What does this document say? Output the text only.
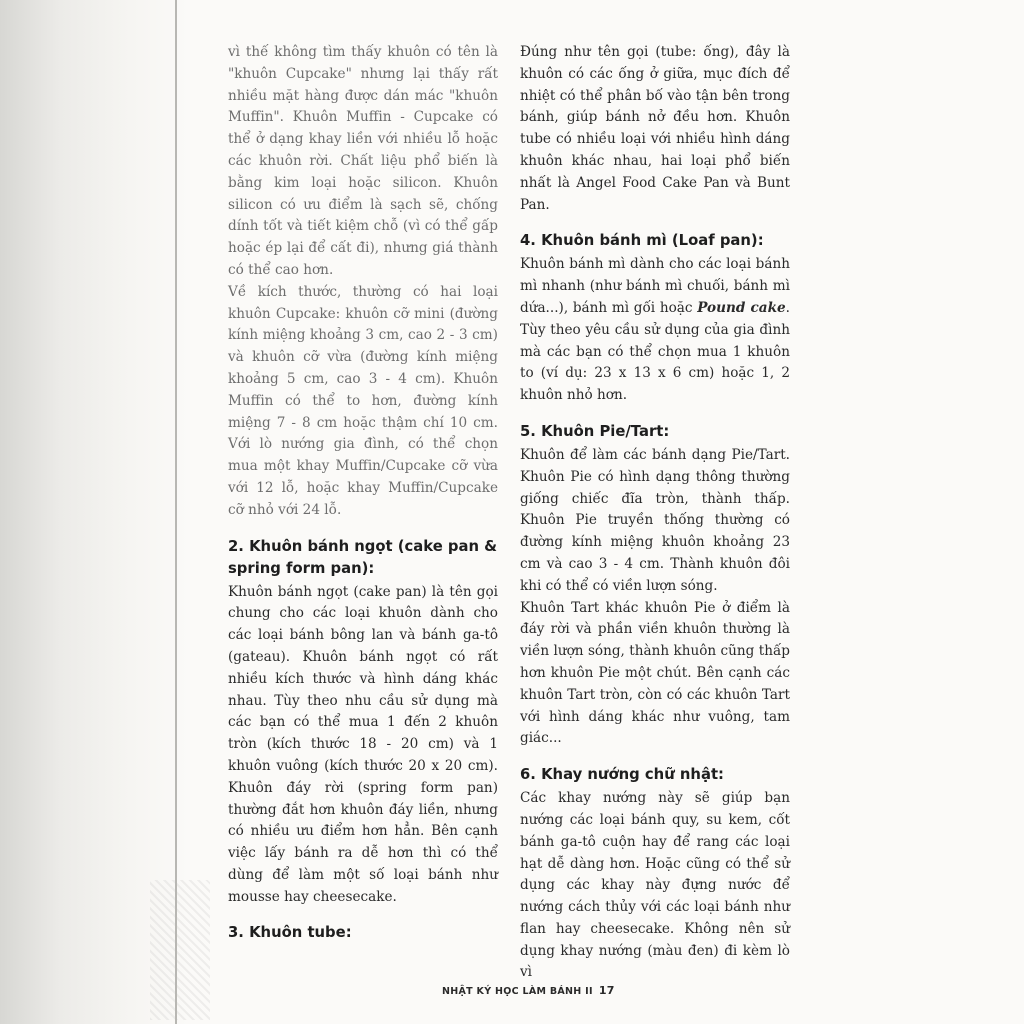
vì thế không tìm thấy khuôn có tên là "khuôn Cupcake" nhưng lại thấy rất nhiều mặt hàng được dán mác "khuôn Muffin". Khuôn Muffin - Cupcake có thể ở dạng khay liền với nhiều lỗ hoặc các khuôn rời. Chất liệu phổ biến là bằng kim loại hoặc silicon. Khuôn silicon có ưu điểm là sạch sẽ, chống dính tốt và tiết kiệm chỗ (vì có thể gấp hoặc ép lại để cất đi), nhưng giá thành có thể cao hơn.

Về kích thước, thường có hai loại khuôn Cupcake: khuôn cỡ mini (đường kính miệng khoảng 3 cm, cao 2 - 3 cm) và khuôn cỡ vừa (đường kính miệng khoảng 5 cm, cao 3 - 4 cm). Khuôn Muffin có thể to hơn, đường kính miệng 7 - 8 cm hoặc thậm chí 10 cm. Với lò nướng gia đình, có thể chọn mua một khay Muffin/Cupcake cỡ vừa với 12 lỗ, hoặc khay Muffin/Cupcake cỡ nhỏ với 24 lỗ.

2. Khuôn bánh ngọt (cake pan & spring form pan):

Khuôn bánh ngọt (cake pan) là tên gọi chung cho các loại khuôn dành cho các loại bánh bông lan và bánh ga-tô (gateau). Khuôn bánh ngọt có rất nhiều kích thước và hình dáng khác nhau. Tùy theo nhu cầu sử dụng mà các bạn có thể mua 1 đến 2 khuôn tròn (kích thước 18 - 20 cm) và 1 khuôn vuông (kích thước 20 x 20 cm). Khuôn đáy rời (spring form pan) thường đắt hơn khuôn đáy liền, nhưng có nhiều ưu điểm hơn hẳn. Bên cạnh việc lấy bánh ra dễ hơn thì có thể dùng để làm một số loại bánh như mousse hay cheesecake.

3. Khuôn tube:

Đúng như tên gọi (tube: ống), đây là khuôn có các ống ở giữa, mục đích để nhiệt có thể phân bố vào tận bên trong bánh, giúp bánh nở đều hơn. Khuôn tube có nhiều loại với nhiều hình dáng khuôn khác nhau, hai loại phổ biến nhất là Angel Food Cake Pan và Bunt Pan.

4. Khuôn bánh mì (Loaf pan):

Khuôn bánh mì dành cho các loại bánh mì nhanh (như bánh mì chuối, bánh mì dứa...), bánh mì gối hoặc Pound cake. Tùy theo yêu cầu sử dụng của gia đình mà các bạn có thể chọn mua 1 khuôn to (ví dụ: 23 x 13 x 6 cm) hoặc 1, 2 khuôn nhỏ hơn.

5. Khuôn Pie/Tart:

Khuôn để làm các bánh dạng Pie/Tart. Khuôn Pie có hình dạng thông thường giống chiếc đĩa tròn, thành thấp. Khuôn Pie truyền thống thường có đường kính miệng khuôn khoảng 23 cm và cao 3 - 4 cm. Thành khuôn đôi khi có thể có viền lượn sóng.

Khuôn Tart khác khuôn Pie ở điểm là đáy rời và phần viền khuôn thường là viền lượn sóng, thành khuôn cũng thấp hơn khuôn Pie một chút. Bên cạnh các khuôn Tart tròn, còn có các khuôn Tart với hình dáng khác như vuông, tam giác...

6. Khay nướng chữ nhật:

Các khay nướng này sẽ giúp bạn nướng các loại bánh quy, su kem, cốt bánh ga-tô cuộn hay để rang các loại hạt dễ dàng hơn. Hoặc cũng có thể sử dụng các khay này đựng nước để nướng cách thủy với các loại bánh như flan hay cheesecake. Không nên sử dụng khay nướng (màu đen) đi kèm lò vì

NHẬT KÝ HỌC LÀM BÁNH II 17
